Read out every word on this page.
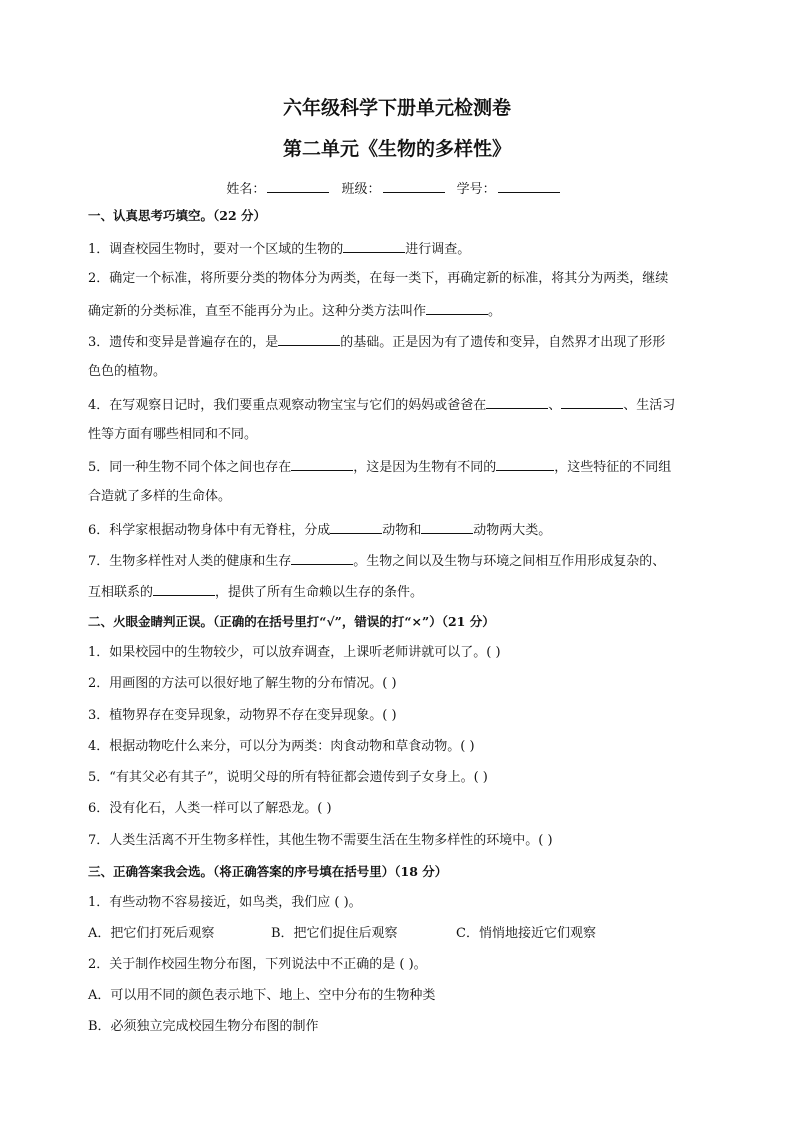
六年级科学下册单元检测卷
第二单元《生物的多样性》
姓名：	班级：	学号：
一、认真思考巧填空。（22 分）
1．调查校园生物时，要对一个区域的生物的	进行调查。
2．确定一个标准，将所要分类的物体分为两类，在每一类下，再确定新的标准，将其分为两类，继续
确定新的分类标准，直至不能再分为止。这种分类方法叫作	。
3．遗传和变异是普遍存在的，是	的基础。正是因为有了遗传和变异，自然界才出现了形形
色色的植物。
4．在写观察日记时，我们要重点观察动物宝宝与它们的妈妈或爸爸在	、	、生活习
性等方面有哪些相同和不同。
5．同一种生物不同个体之间也存在	，这是因为生物有不同的	，这些特征的不同组
合造就了多样的生命体。
6．科学家根据动物身体中有无脊柱，分成	动物和	动物两大类。
7．生物多样性对人类的健康和生存	。生物之间以及生物与环境之间相互作用形成复杂的、
互相联系的	，提供了所有生命赖以生存的条件。
二、火眼金睛判正误。（正确的在括号里打“√”，错误的打“×”）（21 分）
1．如果校园中的生物较少，可以放弃调查，上课听老师讲就可以了。( )
2．用画图的方法可以很好地了解生物的分布情况。( )
3．植物界存在变异现象，动物界不存在变异现象。( )
4．根据动物吃什么来分，可以分为两类：肉食动物和草食动物。( )
5．“有其父必有其子”，说明父母的所有特征都会遗传到子女身上。( )
6．没有化石，人类一样可以了解恐龙。( )
7．人类生活离不开生物多样性，其他生物不需要生活在生物多样性的环境中。( )
三、正确答案我会选。（将正确答案的序号填在括号里）（18 分）
1．有些动物不容易接近，如鸟类，我们应 ( )。
A．把它们打死后观察	B．把它们捉住后观察	C．悄悄地接近它们观察
2．关于制作校园生物分布图，下列说法中不正确的是 ( )。
A．可以用不同的颜色表示地下、地上、空中分布的生物种类
B．必须独立完成校园生物分布图的制作
